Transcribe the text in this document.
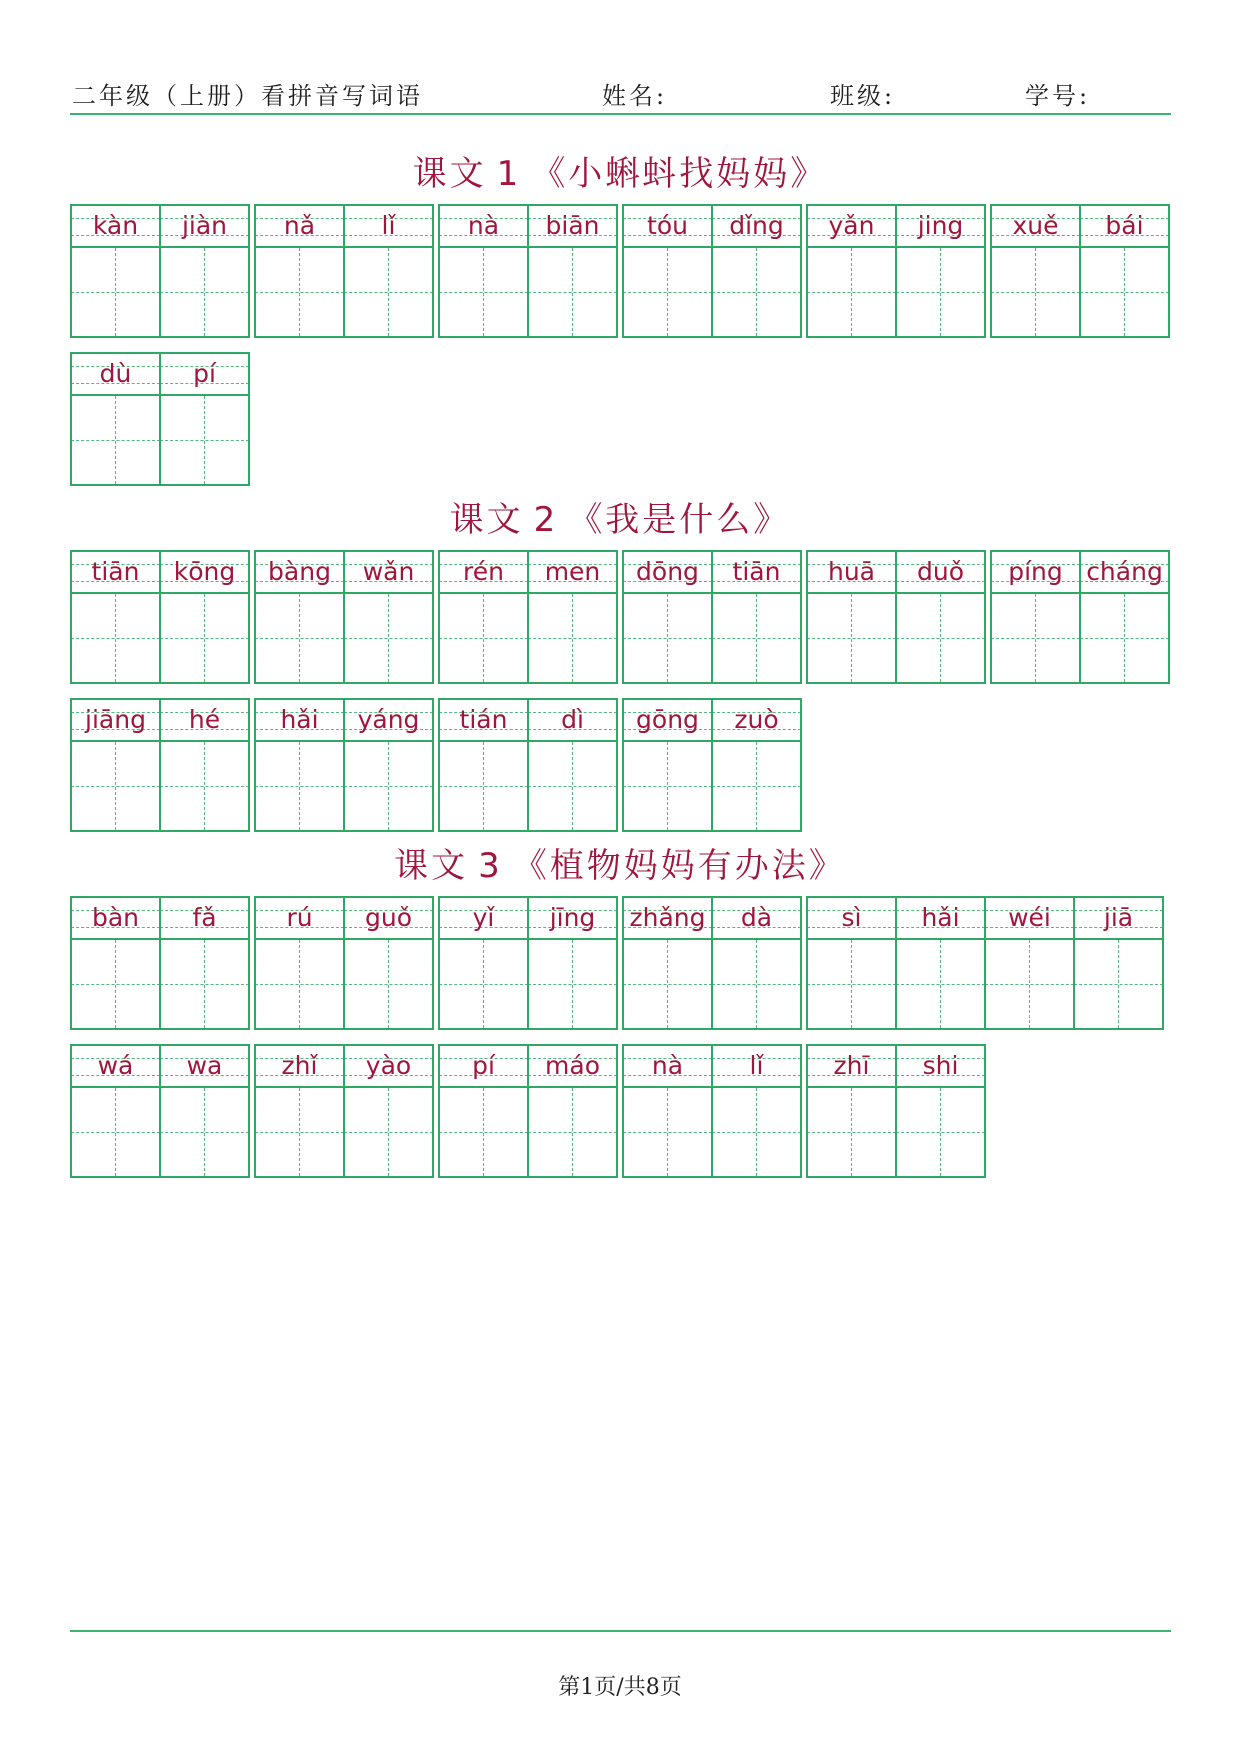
二年级（上册）看拼音写词语	姓名:	班级:	学号:
课文 1 《小蝌蚪找妈妈》
kàn	jiàn	nǎ	lǐ	nà	biān	tóu	dǐng	yǎn	jing	xuě	bái
dù	pí
课文 2 《我是什么》
tiān	kōng	bàng	wǎn	rén	men	dōng	tiān	huā	duǒ	píng cháng
jiāng	hé	hǎi	yáng	tián	dì	gōng	zuò
课文 3 《植物妈妈有办法》
bàn	fǎ	rú	guǒ	yǐ	jīng	zhǎng	dà	sì	hǎi	wéi	jiā
wá	wa	zhǐ	yào	pí	máo	nà	lǐ	zhī	shi
第1页/共8页
